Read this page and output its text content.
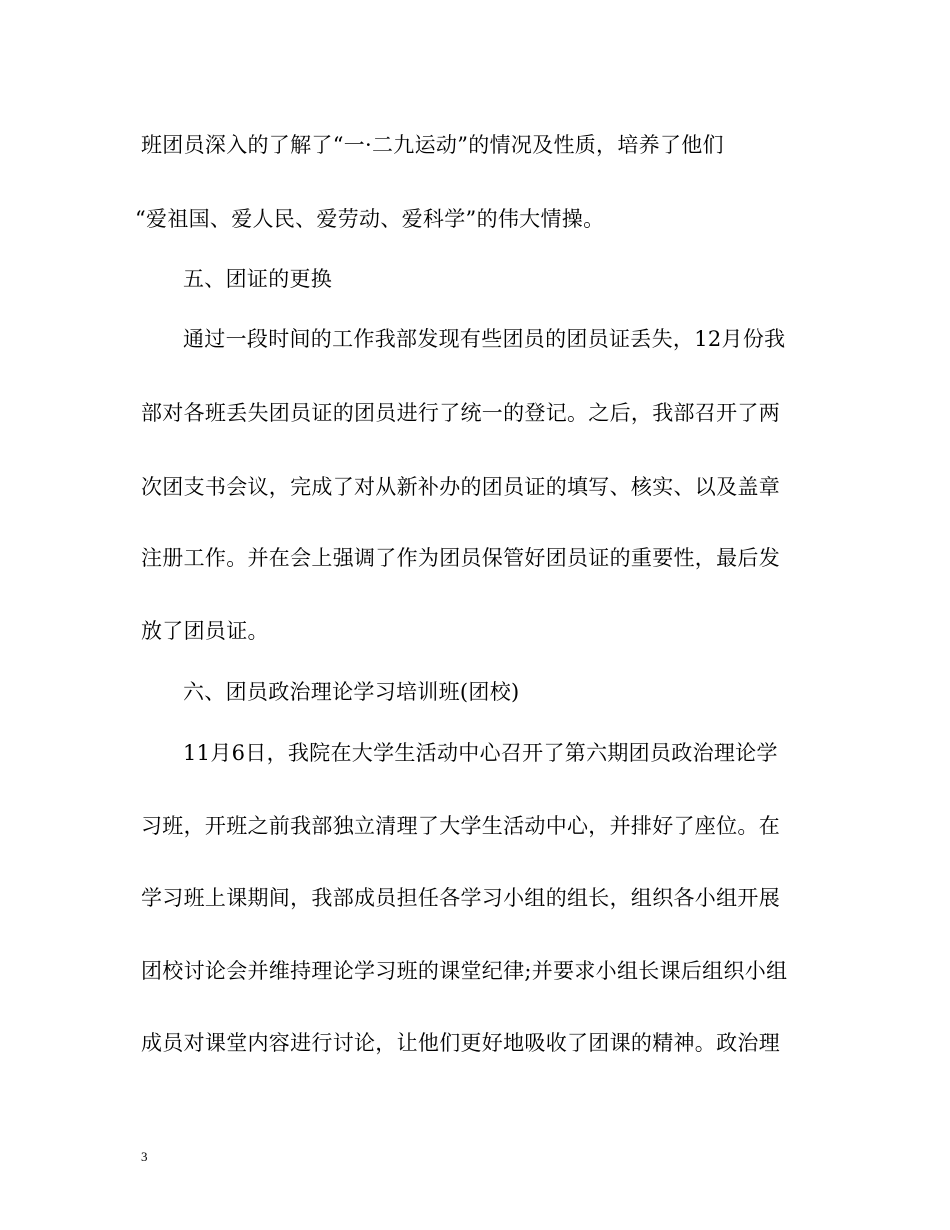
班团员深入的了解了“一·二九运动”的情况及性质，培养了他们
“爱祖国、爱人民、爱劳动、爱科学”的伟大情操。
五、团证的更换
通过一段时间的工作我部发现有些团员的团员证丢失，12月份我
部对各班丢失团员证的团员进行了统一的登记。之后，我部召开了两
次团支书会议，完成了对从新补办的团员证的填写、核实、以及盖章
注册工作。并在会上强调了作为团员保管好团员证的重要性，最后发
放了团员证。
六、团员政治理论学习培训班(团校)
11月6日，我院在大学生活动中心召开了第六期团员政治理论学
习班，开班之前我部独立清理了大学生活动中心，并排好了座位。在
学习班上课期间，我部成员担任各学习小组的组长，组织各小组开展
团校讨论会并维持理论学习班的课堂纪律;并要求小组长课后组织小组
成员对课堂内容进行讨论，让他们更好地吸收了团课的精神。政治理
3
